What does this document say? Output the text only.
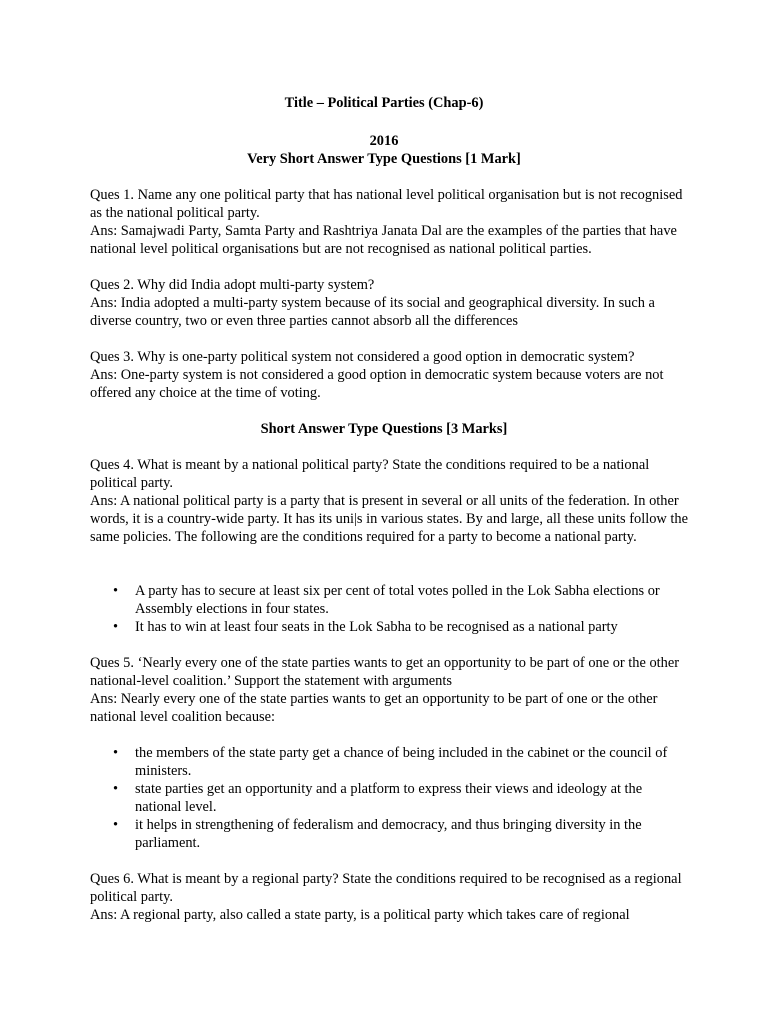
Title – Political Parties (Chap-6)

2016

Very Short Answer Type Questions [1 Mark]

Ques 1. Name any one political party that has national level political organisation but is not recognised as the national political party.

Ans: Samajwadi Party, Samta Party and Rashtriya Janata Dal are the examples of the parties that have national level political organisations but are not recognised as national political parties.

Ques 2. Why did India adopt multi-party system?

Ans: India adopted a multi-party system because of its social and geographical diversity. In such a diverse country, two or even three parties cannot absorb all the differences

Ques 3. Why is one-party political system not considered a good option in democratic system?

Ans: One-party system is not considered a good option in democratic system because voters are not offered any choice at the time of voting.

Short Answer Type Questions [3 Marks]

Ques 4. What is meant by a national political party? State the conditions required to be a national political party.

Ans: A national political party is a party that is present in several or all units of the federation. In other words, it is a country-wide party. It has its uni|s in various states. By and large, all these units follow the same policies. The following are the conditions required for a party to become a national party.

• A party has to secure at least six per cent of total votes polled in the Lok Sabha elections or Assembly elections in four states.
• It has to win at least four seats in the Lok Sabha to be recognised as a national party

Ques 5. ‘Nearly every one of the state parties wants to get an opportunity to be part of one or the other national-level coalition.’ Support the statement with arguments

Ans: Nearly every one of the state parties wants to get an opportunity to be part of one or the other national level coalition because:

• the members of the state party get a chance of being included in the cabinet or the council of ministers.
• state parties get an opportunity and a platform to express their views and ideology at the national level.
• it helps in strengthening of federalism and democracy, and thus bringing diversity in the parliament.

Ques 6. What is meant by a regional party? State the conditions required to be recognised as a regional political party.

Ans: A regional party, also called a state party, is a political party which takes care of regional
